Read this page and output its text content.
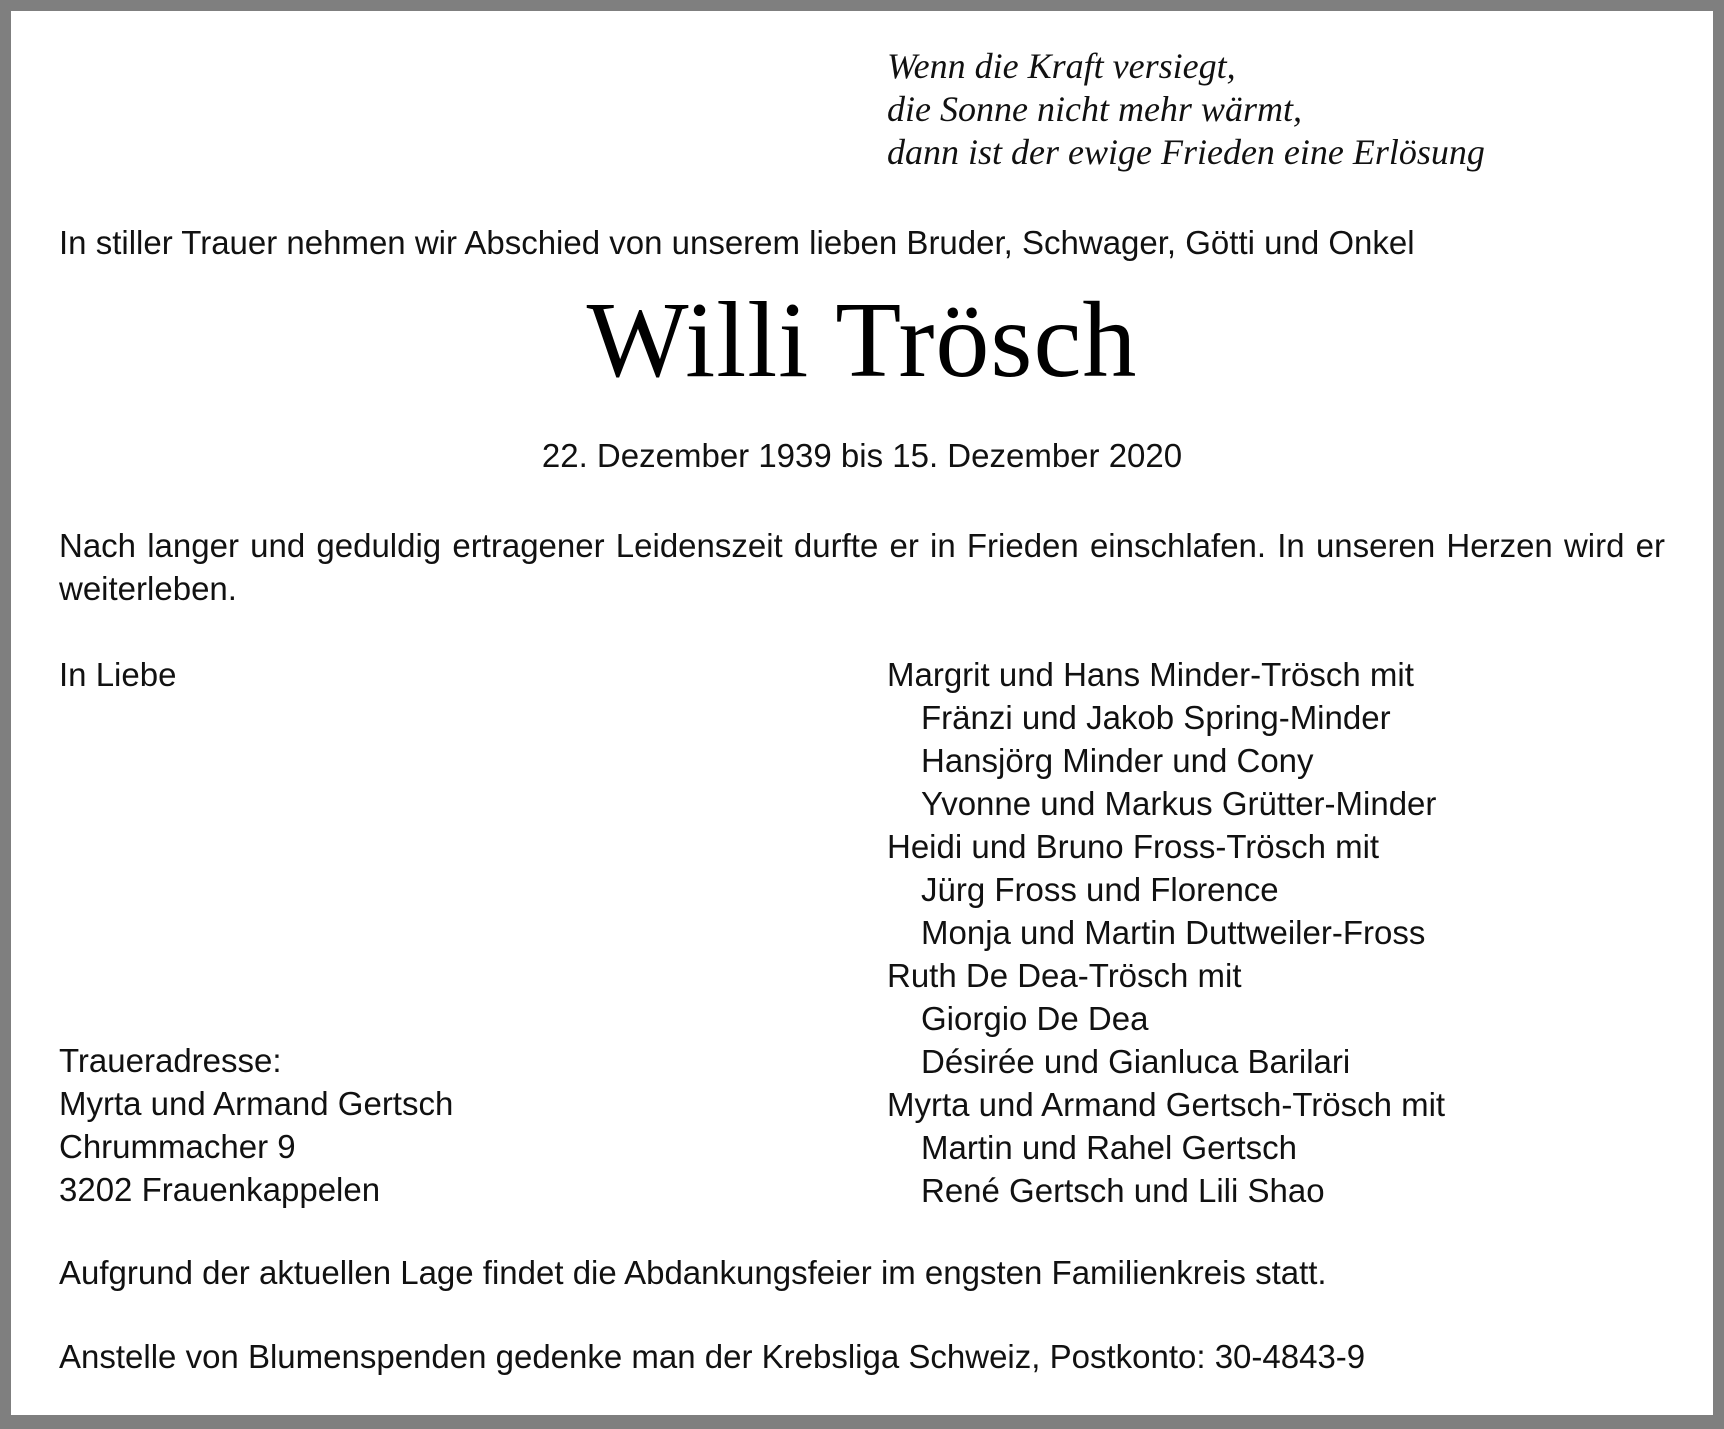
Wenn die Kraft versiegt,
die Sonne nicht mehr wärmt,
dann ist der ewige Frieden eine Erlösung
In stiller Trauer nehmen wir Abschied von unserem lieben Bruder, Schwager, Götti und Onkel
Willi Trösch
22. Dezember 1939 bis 15. Dezember 2020
Nach langer und geduldig ertragener Leidenszeit durfte er in Frieden einschlafen. In unseren Herzen wird er weiterleben.
In Liebe
Traueradresse:
Myrta und Armand Gertsch
Chrummacher 9
3202 Frauenkappelen
Margrit und Hans Minder-Trösch mit
Fränzi und Jakob Spring-Minder
Hansjörg Minder und Cony
Yvonne und Markus Grütter-Minder
Heidi und Bruno Fross-Trösch mit
Jürg Fross und Florence
Monja und Martin Duttweiler-Fross
Ruth De Dea-Trösch mit
Giorgio De Dea
Désirée und Gianluca Barilari
Myrta und Armand Gertsch-Trösch mit
Martin und Rahel Gertsch
René Gertsch und Lili Shao
Aufgrund der aktuellen Lage findet die Abdankungsfeier im engsten Familienkreis statt.
Anstelle von Blumenspenden gedenke man der Krebsliga Schweiz, Postkonto: 30-4843-9
